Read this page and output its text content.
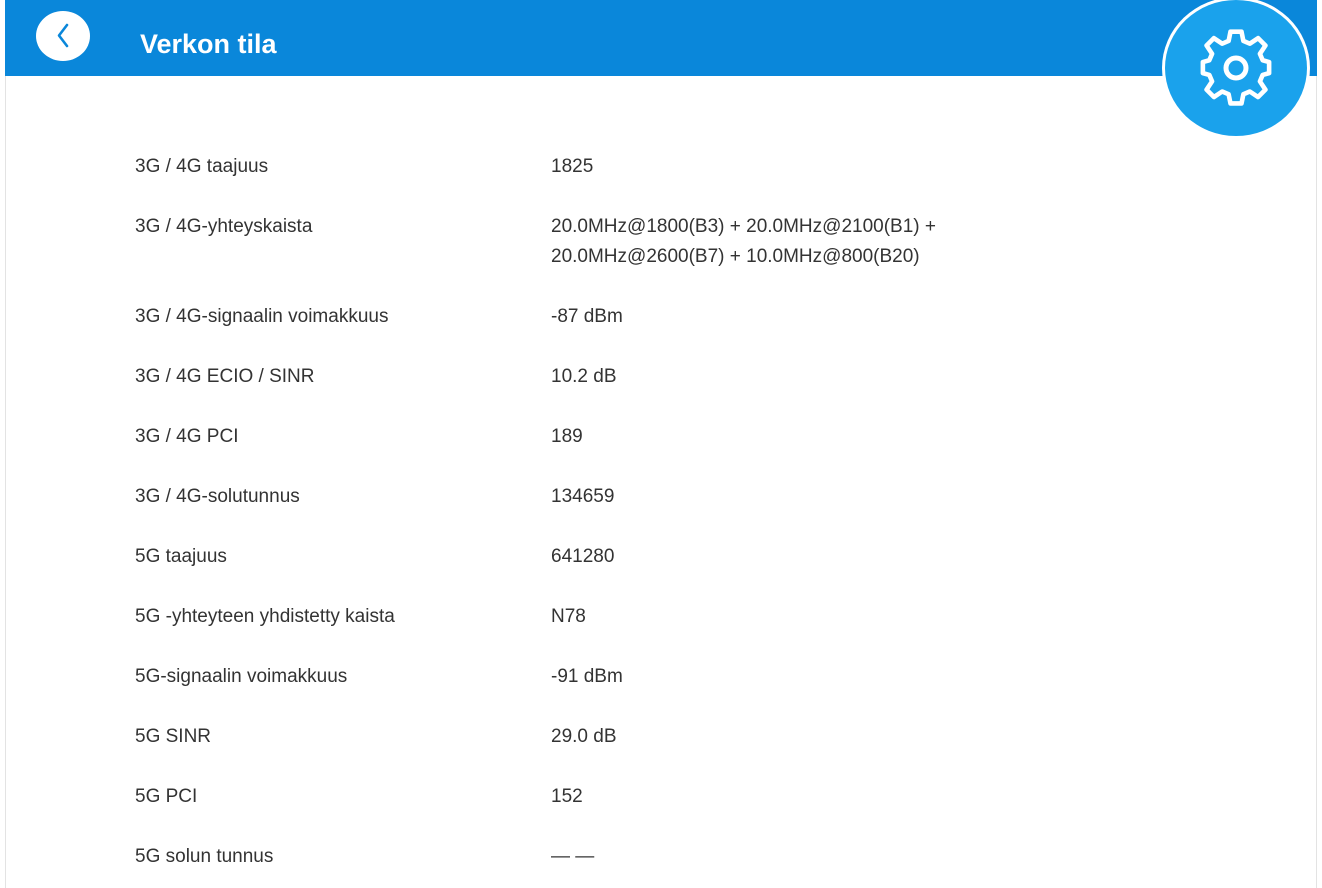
Verkon tila
3G / 4G taajuus	1825
3G / 4G-yhteyskaista	20.0MHz@1800(B3) + 20.0MHz@2100(B1) +
20.0MHz@2600(B7) + 10.0MHz@800(B20)
3G / 4G-signaalin voimakkuus	-87 dBm
3G / 4G ECIO / SINR	10.2 dB
3G / 4G PCI	189
3G / 4G-solutunnus	134659
5G taajuus	641280
5G -yhteyteen yhdistetty kaista	N78
5G-signaalin voimakkuus	-91 dBm
5G SINR	29.0 dB
5G PCI	152
5G solun tunnus	— —
